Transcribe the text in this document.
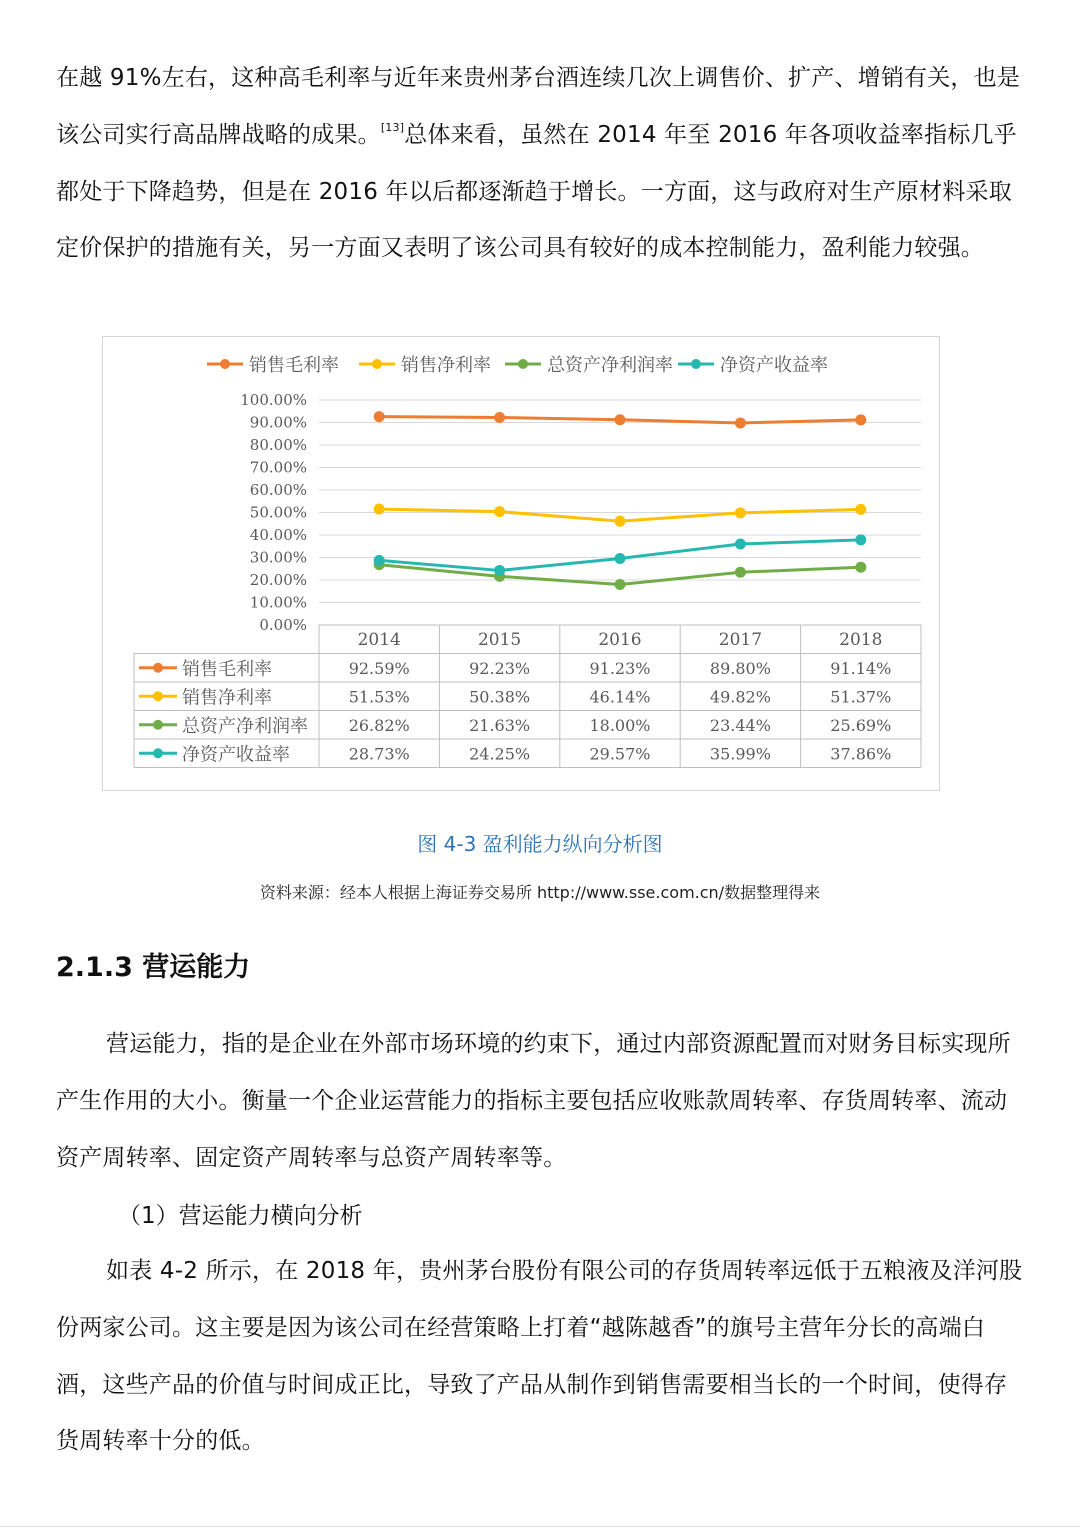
在越 91%左右，这种高毛利率与近年来贵州茅台酒连续几次上调售价、扩产、增销有关，也是该公司实行高品牌战略的成果。[13]总体来看，虽然在 2014 年至 2016 年各项收益率指标几乎都处于下降趋势，但是在 2016 年以后都逐渐趋于增长。一方面，这与政府对生产原材料采取定价保护的措施有关，另一方面又表明了该公司具有较好的成本控制能力，盈利能力较强。

销售毛利率	销售净利率	总资产净利润率	净资产收益率
0.00%
10.00%
20.00%
30.00%
40.00%
50.00%
60.00%
70.00%
80.00%
90.00%
100.00%
2014	2015	2016	2017	2018
销售毛利率	92.59%	92.23%	91.23%	89.80%	91.14%
销售净利率	51.53%	50.38%	46.14%	49.82%	51.37%
总资产净利润率	26.82%	21.63%	18.00%	23.44%	25.69%
净资产收益率	28.73%	24.25%	29.57%	35.99%	37.86%
图 4-3 盈利能力纵向分析图
资料来源：经本人根据上海证券交易所 http://www.sse.com.cn/数据整理得来
2.1.3 营运能力

营运能力，指的是企业在外部市场环境的约束下，通过内部资源配置而对财务目标实现所产生作用的大小。衡量一个企业运营能力的指标主要包括应收账款周转率、存货周转率、流动资产周转率、固定资产周转率与总资产周转率等。

（1）营运能力横向分析

如表 4-2 所示，在 2018 年，贵州茅台股份有限公司的存货周转率远低于五粮液及洋河股份两家公司。这主要是因为该公司在经营策略上打着“越陈越香”的旗号主营年分长的高端白酒，这些产品的价值与时间成正比，导致了产品从制作到销售需要相当长的一个时间，使得存货周转率十分的低。
